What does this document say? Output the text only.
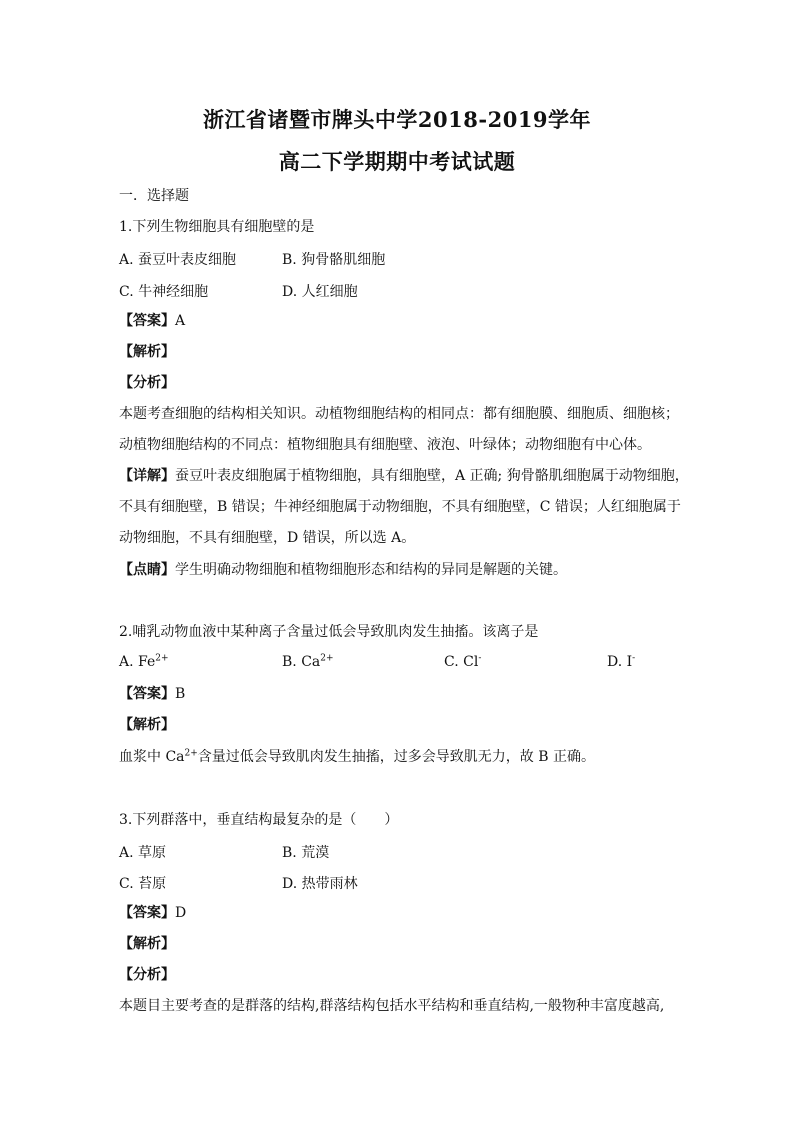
浙江省诸暨市牌头中学2018-2019学年
高二下学期期中考试试题
一．选择题
1.下列生物细胞具有细胞壁的是
A. 蚕豆叶表皮细胞	B. 狗骨骼肌细胞
C. 牛神经细胞	D. 人红细胞
【答案】A
【解析】
【分析】
本题考查细胞的结构相关知识。动植物细胞结构的相同点：都有细胞膜、细胞质、细胞核；
动植物细胞结构的不同点：植物细胞具有细胞壁、液泡、叶绿体；动物细胞有中心体。
【详解】蚕豆叶表皮细胞属于植物细胞，具有细胞壁，A 正确; 狗骨骼肌细胞属于动物细胞，
不具有细胞壁，B 错误；牛神经细胞属于动物细胞，不具有细胞壁，C 错误；人红细胞属于
动物细胞，不具有细胞壁，D 错误，所以选 A。
【点睛】学生明确动物细胞和植物细胞形态和结构的异同是解题的关键。
2.哺乳动物血液中某种离子含量过低会导致肌肉发生抽搐。该离子是
A. $Fe^{2+}$	B. $Ca^{2+}$	C. Cl-	D. I-
【答案】B
【解析】
血浆中 $Ca^{2+}$含量过低会导致肌肉发生抽搐，过多会导致肌无力，故 B 正确。
3.下列群落中，垂直结构最复杂的是（　　）
A. 草原	B. 荒漠
C. 苔原	D. 热带雨林
【答案】D
【解析】
【分析】
本题目主要考查的是群落的结构,群落结构包括水平结构和垂直结构,一般物种丰富度越高,
